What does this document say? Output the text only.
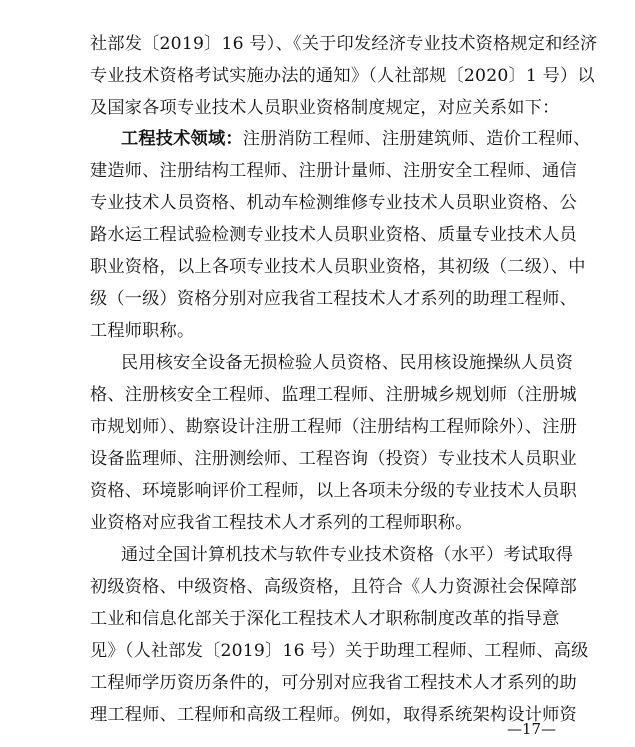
社部发〔2019〕16 号）、《关于印发经济专业技术资格规定和经济
专业技术资格考试实施办法的通知》（人社部规〔2020〕1 号）以
及国家各项专业技术人员职业资格制度规定，对应关系如下：
工程技术领域：注册消防工程师、注册建筑师、造价工程师、
建造师、注册结构工程师、注册计量师、注册安全工程师、通信
专业技术人员资格、机动车检测维修专业技术人员职业资格、公
路水运工程试验检测专业技术人员职业资格、质量专业技术人员
职业资格，以上各项专业技术人员职业资格，其初级（二级）、中
级（一级）资格分别对应我省工程技术人才系列的助理工程师、
工程师职称。
民用核安全设备无损检验人员资格、民用核设施操纵人员资
格、注册核安全工程师、监理工程师、注册城乡规划师（注册城
市规划师）、勘察设计注册工程师（注册结构工程师除外）、注册
设备监理师、注册测绘师、工程咨询（投资）专业技术人员职业
资格、环境影响评价工程师，以上各项未分级的专业技术人员职
业资格对应我省工程技术人才系列的工程师职称。
通过全国计算机技术与软件专业技术资格（水平）考试取得
初级资格、中级资格、高级资格，且符合《人力资源社会保障部
工业和信息化部关于深化工程技术人才职称制度改革的指导意
见》（人社部发〔2019〕16 号）关于助理工程师、工程师、高级
工程师学历资历条件的，可分别对应我省工程技术人才系列的助
理工程师、工程师和高级工程师。例如，取得系统架构设计师资
—17—
